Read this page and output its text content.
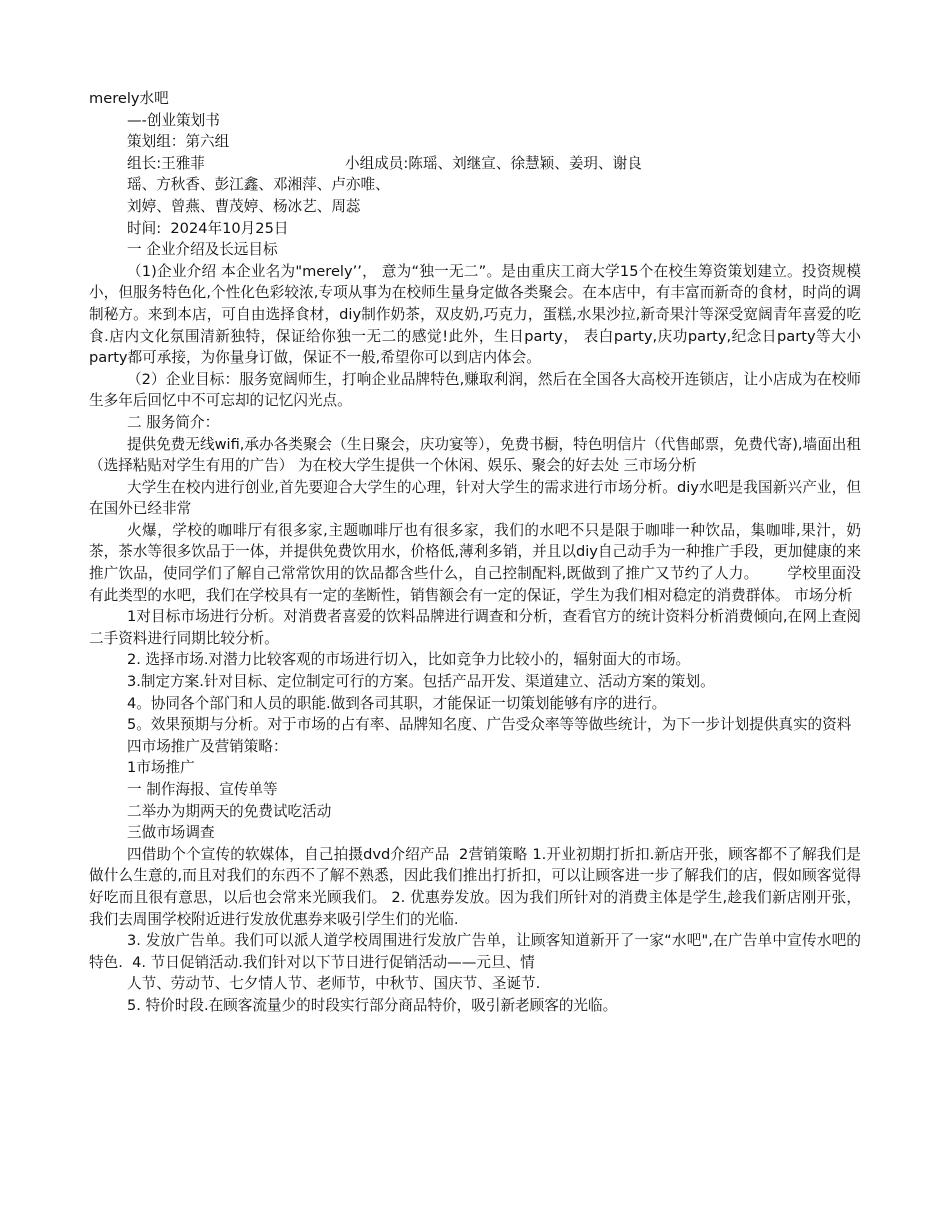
merely水吧
—-创业策划书
策划组：第六组
组长:王雅菲	小组成员:陈瑶、刘继宣、徐慧颖、姜玥、谢良
瑶、方秋香、彭江鑫、邓湘萍、卢亦唯、
刘婷、曾燕、曹茂婷、杨冰艺、周蕊
时间:  2024年10月25日
一 企业介绍及长远目标
（1)企业介绍 本企业名为"merely’’， 意为“独一无二”。是由重庆工商大学15个在校生筹资策划建立。投资规模小，但服务特色化,个性化色彩较浓,专项从事为在校师生量身定做各类聚会。在本店中，有丰富而新奇的食材，时尚的调制秘方。来到本店，可自由选择食材，diy制作奶茶，双皮奶,巧克力，蛋糕,水果沙拉,新奇果汁等深受宽阔青年喜爱的吃食.店内文化氛围清新独特，保证给你独一无二的感觉!此外，生日party， 表白party,庆功party,纪念日party等大小party都可承接，为你量身订做，保证不一般,希望你可以到店内体会。
（2）企业目标：服务宽阔师生，打响企业品牌特色,赚取利润，然后在全国各大高校开连锁店，让小店成为在校师生多年后回忆中不可忘却的记忆闪光点。
二 服务简介：
提供免费无线wifi,承办各类聚会（生日聚会，庆功宴等），免费书橱，特色明信片（代售邮票，免费代寄),墙面出租（选择粘贴对学生有用的广告） 为在校大学生提供一个休闲、娱乐、聚会的好去处 三市场分析
大学生在校内进行创业,首先要迎合大学生的心理，针对大学生的需求进行市场分析。diy水吧是我国新兴产业，但在国外已经非常
火爆，学校的咖啡厅有很多家,主题咖啡厅也有很多家，我们的水吧不只是限于咖啡一种饮品，集咖啡,果汁，奶茶，茶水等很多饮品于一体，并提供免费饮用水，价格低,薄利多销，并且以diy自己动手为一种推广手段，更加健康的来推广饮品，使同学们了解自己常常饮用的饮品都含些什么，自己控制配料,既做到了推广又节约了人力。      学校里面没有此类型的水吧，我们在学校具有一定的垄断性，销售额会有一定的保证，学生为我们相对稳定的消费群体。 市场分析
1对目标市场进行分析。对消费者喜爱的饮料品牌进行调查和分析，查看官方的统计资料分析消费倾向,在网上查阅二手资料进行同期比较分析。
2. 选择市场.对潜力比较客观的市场进行切入，比如竞争力比较小的，辐射面大的市场。
3.制定方案.针对目标、定位制定可行的方案。包括产品开发、渠道建立、活动方案的策划。
4。协同各个部门和人员的职能.做到各司其职，才能保证一切策划能够有序的进行。
5。效果预期与分析。对于市场的占有率、品牌知名度、广告受众率等等做些统计，为下一步计划提供真实的资料
四市场推广及营销策略：
1市场推广
一 制作海报、宣传单等
二举办为期两天的免费试吃活动
三做市场调查
四借助个个宣传的软媒体，自己拍摄dvd介绍产品  2营销策略 1.开业初期打折扣.新店开张，顾客都不了解我们是做什么生意的,而且对我们的东西不了解不熟悉，因此我们推出打折扣，可以让顾客进一步了解我们的店，假如顾客觉得好吃而且很有意思，以后也会常来光顾我们。 2. 优惠券发放。因为我们所针对的消费主体是学生,趁我们新店刚开张，我们去周围学校附近进行发放优惠券来吸引学生们的光临.
3. 发放广告单。我们可以派人道学校周围进行发放广告单，让顾客知道新开了一家“水吧",在广告单中宣传水吧的特色.  4. 节日促销活动.我们针对以下节日进行促销活动——元旦、情
人节、劳动节、七夕情人节、老师节，中秋节、国庆节、圣诞节.
5. 特价时段.在顾客流量少的时段实行部分商品特价，吸引新老顾客的光临。
